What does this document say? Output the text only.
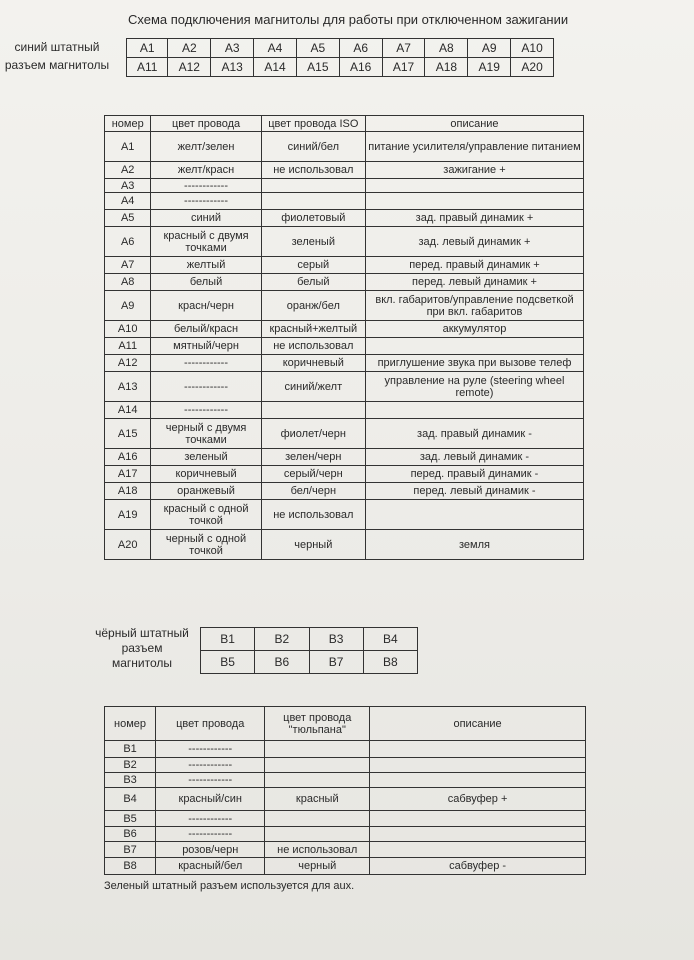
Схема подключения магнитолы для работы при отключенном зажигании
синий штатный
разъем магнитолы
A1	A2	A3	A4	A5	A6	A7	A8	A9	A10
A11	A12	A13	A14	A15	A16	A17	A18	A19	A20
номер	цвет провода	цвет провода ISO	описание
A1	желт/зелен	синий/бел	питание усилителя/управление питанием
A2	желт/красн	не использовал	зажигание +
A3	------------		
A4	------------		
A5	синий	фиолетовый	зад. правый динамик +
A6	красный с двумя точками	зеленый	зад. левый динамик +
A7	желтый	серый	перед. правый динамик +
A8	белый	белый	перед. левый динамик +
A9	красн/черн	оранж/бел	вкл. габаритов/управление подсветкой при вкл. габаритов
A10	белый/красн	красный+желтый	аккумулятор
A11	мятный/черн	не использовал	
A12	------------	коричневый	приглушение звука при вызове телеф
A13	------------	синий/желт	управление на руле (steering wheel remote)
A14	------------		
A15	черный с двумя точками	фиолет/черн	зад. правый динамик -
A16	зеленый	зелен/черн	зад. левый динамик -
A17	коричневый	серый/черн	перед. правый динамик -
A18	оранжевый	бел/черн	перед. левый динамик -
A19	красный с одной точкой	не использовал	
A20	черный с одной точкой	черный	земля
чёрный штатный
разъем
магнитолы
B1	B2	B3	B4
B5	B6	B7	B8
номер	цвет провода	цвет провода "тюльпана"	описание
B1	------------		
B2	------------		
B3	------------		
B4	красный/син	красный	сабвуфер +
B5	------------		
B6	------------		
B7	розов/черн	не использовал	
B8	красный/бел	черный	сабвуфер -
Зеленый штатный разъем используется для aux.
